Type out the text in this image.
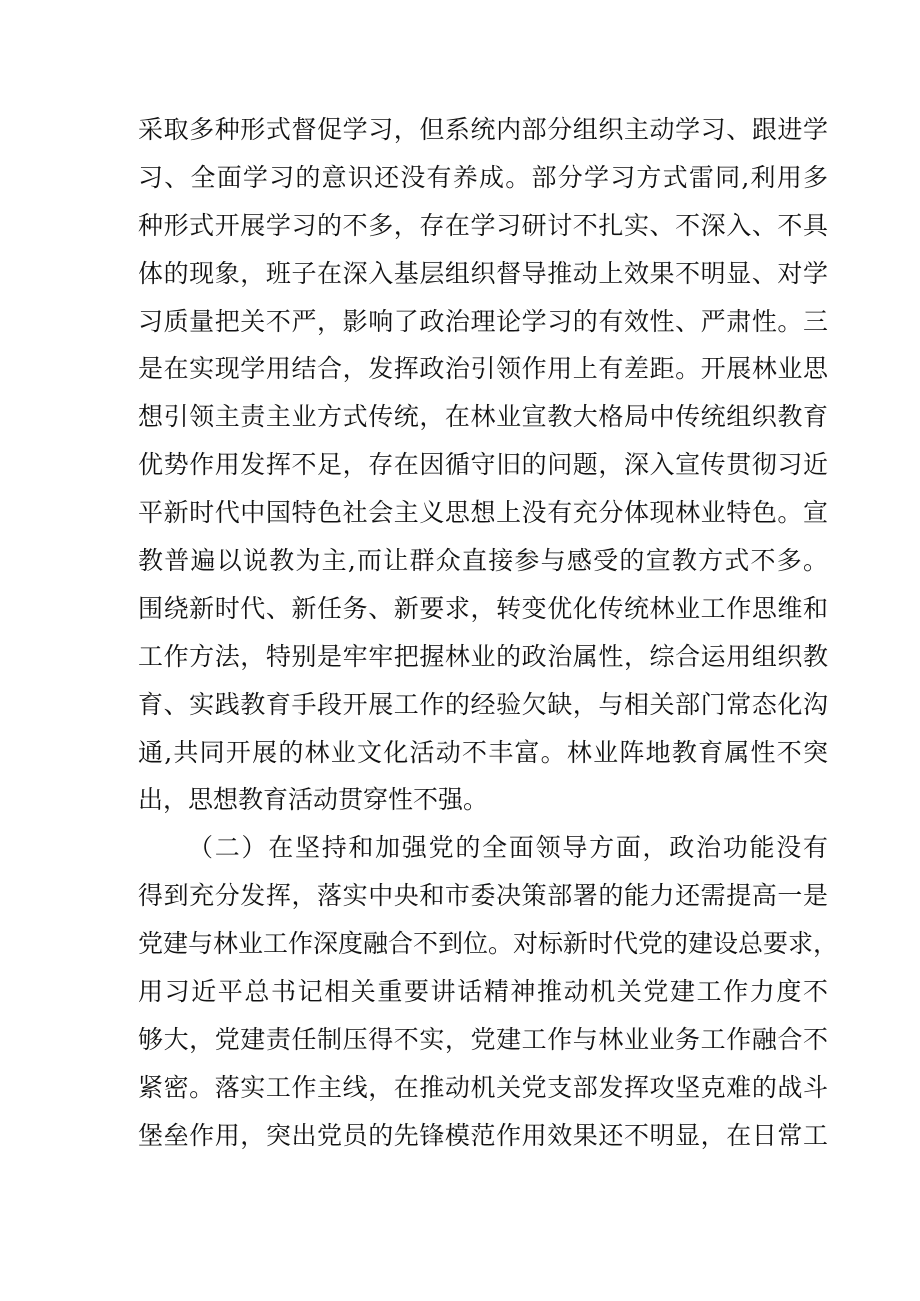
采取多种形式督促学习，但系统内部分组织主动学习、跟进学
习、全面学习的意识还没有养成。部分学习方式雷同,利用多
种形式开展学习的不多，存在学习研讨不扎实、不深入、不具
体的现象，班子在深入基层组织督导推动上效果不明显、对学
习质量把关不严，影响了政治理论学习的有效性、严肃性。三
是在实现学用结合，发挥政治引领作用上有差距。开展林业思
想引领主责主业方式传统，在林业宣教大格局中传统组织教育
优势作用发挥不足，存在因循守旧的问题，深入宣传贯彻习近
平新时代中国特色社会主义思想上没有充分体现林业特色。宣
教普遍以说教为主,而让群众直接参与感受的宣教方式不多。
围绕新时代、新任务、新要求，转变优化传统林业工作思维和
工作方法，特别是牢牢把握林业的政治属性，综合运用组织教
育、实践教育手段开展工作的经验欠缺，与相关部门常态化沟
通,共同开展的林业文化活动不丰富。林业阵地教育属性不突
出，思想教育活动贯穿性不强。
（二）在坚持和加强党的全面领导方面，政治功能没有
得到充分发挥，落实中央和市委决策部署的能力还需提高一是
党建与林业工作深度融合不到位。对标新时代党的建设总要求，
用习近平总书记相关重要讲话精神推动机关党建工作力度不
够大，党建责任制压得不实，党建工作与林业业务工作融合不
紧密。落实工作主线，在推动机关党支部发挥攻坚克难的战斗
堡垒作用，突出党员的先锋模范作用效果还不明显，在日常工
